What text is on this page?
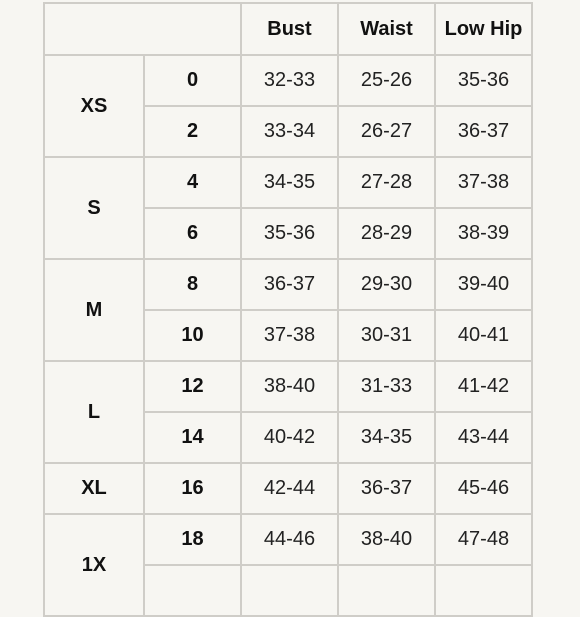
		Bust	Waist	Low Hip
XS	0	32-33	25-26	35-36
	2	33-34	26-27	36-37
S	4	34-35	27-28	37-38
	6	35-36	28-29	38-39
M	8	36-37	29-30	39-40
	10	37-38	30-31	40-41
L	12	38-40	31-33	41-42
	14	40-42	34-35	43-44
XL	16	42-44	36-37	45-46
1X	18	44-46	38-40	47-48
